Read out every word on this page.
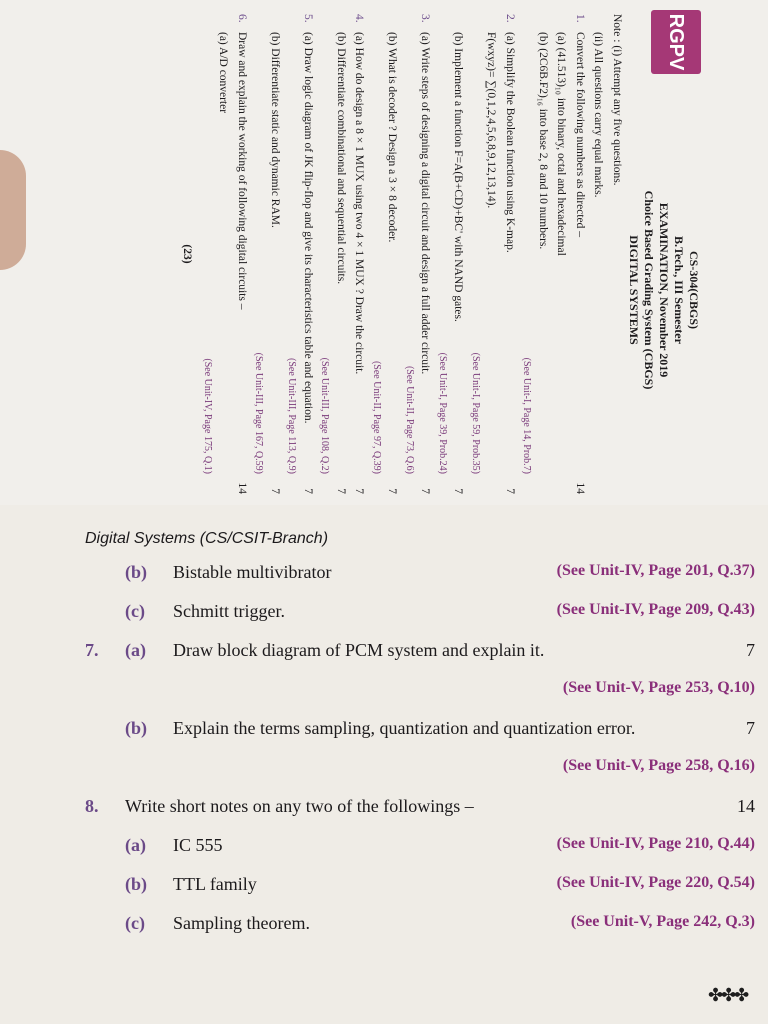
RGPV
CS-304(CBGS)
B.Tech., III Semester
EXAMINATION, November 2019
Choice Based Grading System (CBGS)
DIGITAL SYSTEMS
Note : (i) Attempt any five questions.
(ii) All questions carry equal marks.
1.Convert the following numbers as directed –
14
(a) (41.513)₁₀ into binary, octal and hexadecimal
(b) (2C6B.F2)₁₆ into base 2, 8 and 10 numbers.
(See Unit-I, Page 14, Prob.7)
2.(a) Simplify the Boolean function using K-map.
7
F(wxyz)= ∑(0,1,2,4,5,6,8,9,12,13,14).
(See Unit-I, Page 59, Prob.35)
(b) Implement a function F=A(B+CD)+BC' with NAND gates.
7
(See Unit-I, Page 39, Prob.24)
3.(a) Write steps of designing a digital circuit and design a full adder circuit.
7
(See Unit-II, Page 73, Q.6)
(b) What is decoder ? Design a 3 × 8 decoder.
7
(See Unit-II, Page 97, Q.39)
4.(a) How do design a 8 × 1 MUX using two 4 × 1 MUX ? Draw the circuit.
7
(b) Differentiate combinational and sequential circuits.
7
(See Unit-III, Page 108, Q.2)
5.(a) Draw logic diagram of JK flip-flop and give its characteristics table and equation.
7
(See Unit-III, Page 113, Q.9)
(b) Differentiate static and dynamic RAM.
7
(See Unit-III, Page 167, Q.59)
6.Draw and explain the working of following digital circuits –
14
(a) A/D converter
(See Unit-IV, Page 175, Q.1)
(23)
Digital Systems (CS/CSIT-Branch)
(b) Bistable multivibrator	(See Unit-IV, Page 201, Q.37)
(c) Schmitt trigger.	(See Unit-IV, Page 209, Q.43)
7. (a) Draw block diagram of PCM system and explain it.	7
(See Unit-V, Page 253, Q.10)
(b) Explain the terms sampling, quantization and quantization error.	7
(See Unit-V, Page 258, Q.16)
8. Write short notes on any two of the followings –	14
(a) IC 555	(See Unit-IV, Page 210, Q.44)
(b) TTL family	(See Unit-IV, Page 220, Q.54)
(c) Sampling theorem.	(See Unit-V, Page 242, Q.3)
✤✤✤
